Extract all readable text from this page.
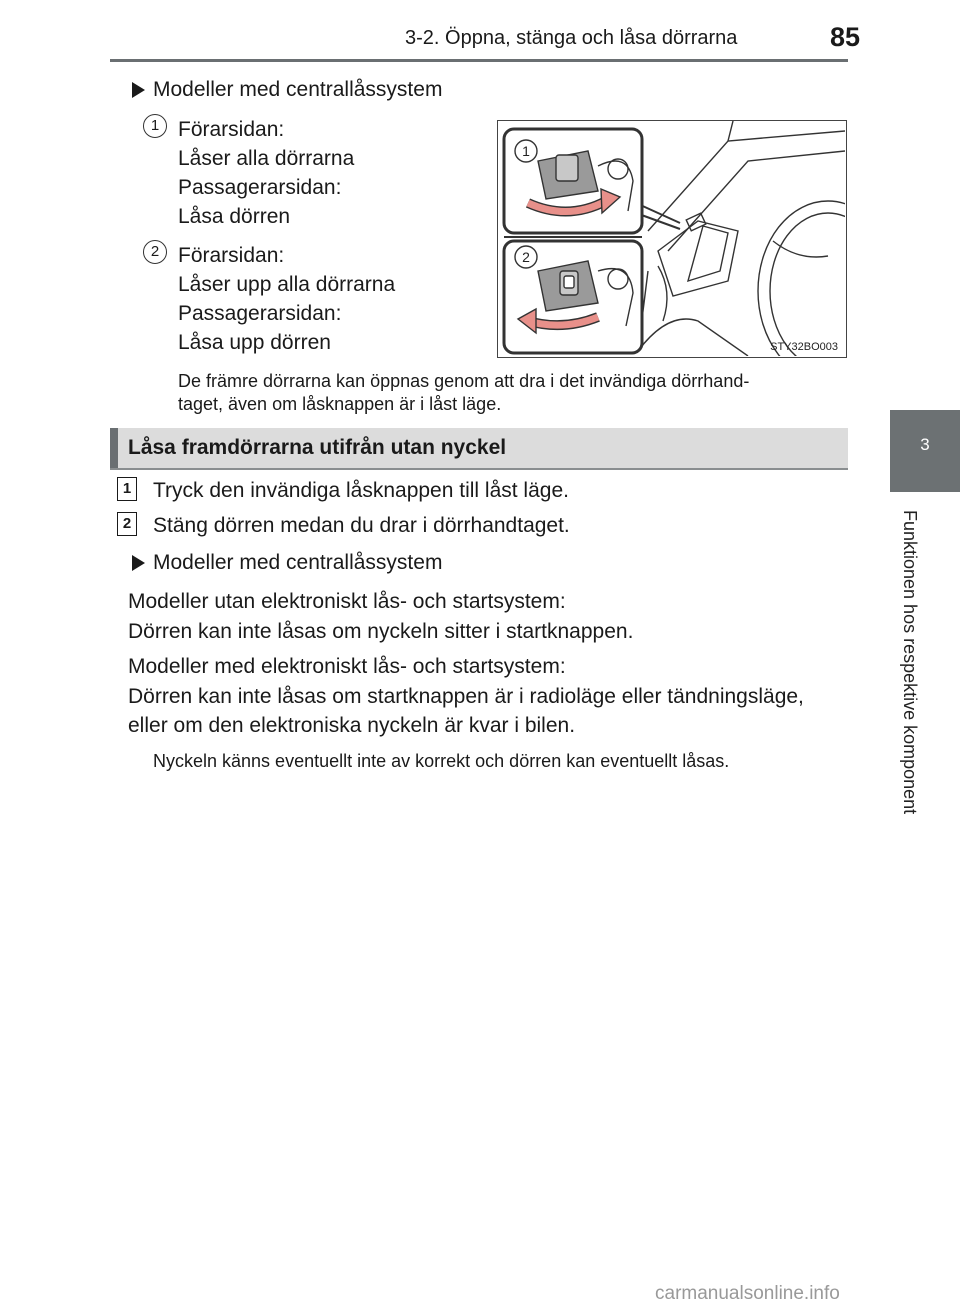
3-2. Öppna, stänga och låsa dörrarna	85
3
Funktionen hos respektive komponent
Modeller med centrallåssystem
1 Förarsidan:
Låser alla dörrarna
Passagerarsidan:
Låsa dörren
2 Förarsidan:
Låser upp alla dörrarna
Passagerarsidan:
Låsa upp dörren
1
2
STY32BO003
De främre dörrarna kan öppnas genom att dra i det invändiga dörrhand-
taget, även om låsknappen är i låst läge.
Låsa framdörrarna utifrån utan nyckel
1 Tryck den invändiga låsknappen till låst läge.
2 Stäng dörren medan du drar i dörrhandtaget.
Modeller med centrallåssystem
Modeller utan elektroniskt lås- och startsystem:
Dörren kan inte låsas om nyckeln sitter i startknappen.
Modeller med elektroniskt lås- och startsystem:
Dörren kan inte låsas om startknappen är i radioläge eller tändningsläge,
eller om den elektroniska nyckeln är kvar i bilen.
Nyckeln känns eventuellt inte av korrekt och dörren kan eventuellt låsas.
carmanualsonline.info
